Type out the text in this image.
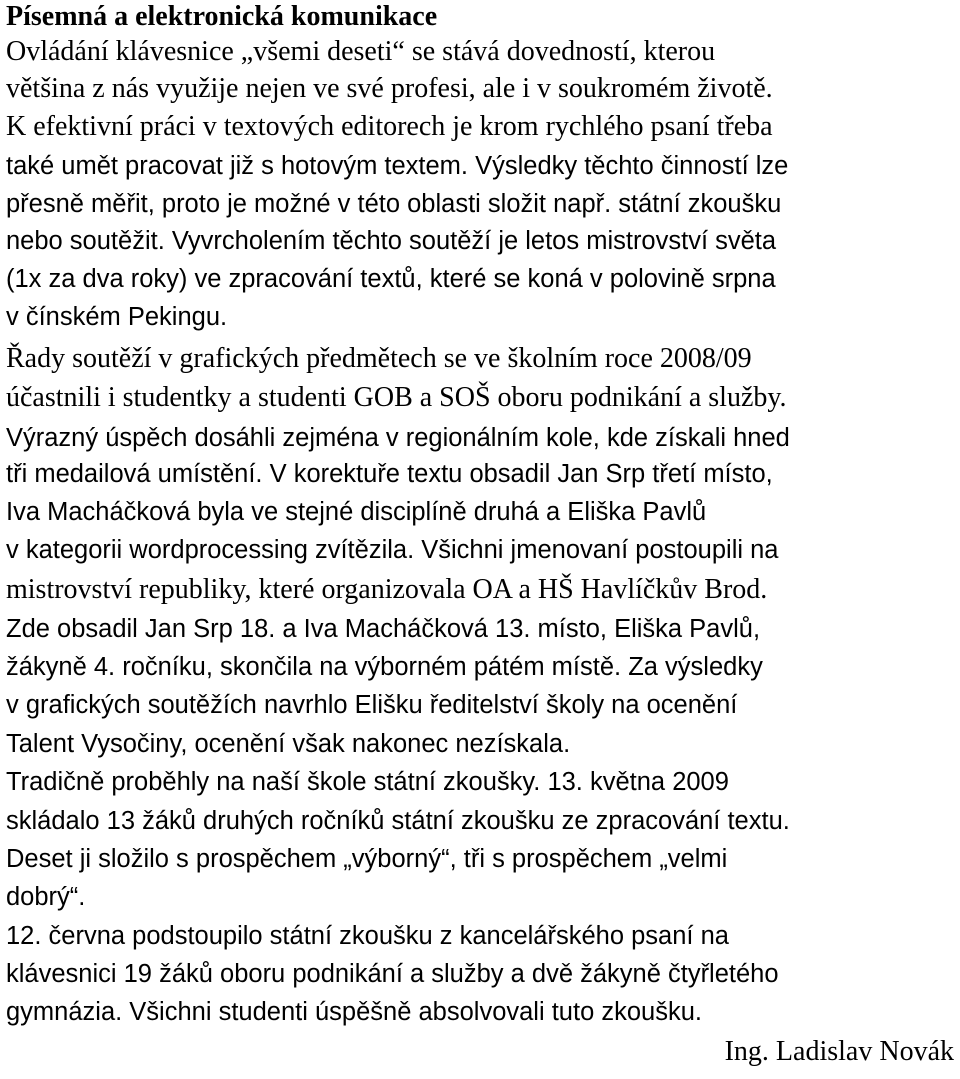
Písemná a elektronická komunikace
Ovládání klávesnice „všemi deseti“ se stává dovedností, kterou
většina z nás využije nejen ve své profesi, ale i v soukromém životě.
K efektivní práci v textových editorech je krom rychlého psaní třeba
také umět pracovat již s hotovým textem. Výsledky těchto činností lze
přesně měřit, proto je možné v této oblasti složit např. státní zkoušku
nebo soutěžit. Vyvrcholením těchto soutěží je letos mistrovství světa
(1x za dva roky) ve zpracování textů, které se koná v polovině srpna
v čínském Pekingu.
Řady soutěží v grafických předmětech se ve školním roce 2008/09
účastnili i studentky a studenti GOB a SOŠ oboru podnikání a služby.
Výrazný úspěch dosáhli zejména v regionálním kole, kde získali hned
tři medailová umístění. V korektuře textu obsadil Jan Srp třetí místo,
Iva Macháčková byla ve stejné disciplíně druhá a Eliška Pavlů
v kategorii wordprocessing zvítězila. Všichni jmenovaní postoupili na
mistrovství republiky, které organizovala OA a HŠ Havlíčkův Brod.
Zde obsadil Jan Srp 18. a Iva Macháčková 13. místo, Eliška Pavlů,
žákyně 4. ročníku, skončila na výborném pátém místě. Za výsledky
v grafických soutěžích navrhlo Elišku ředitelství školy na ocenění
Talent Vysočiny, ocenění však nakonec nezískala.
Tradičně proběhly na naší škole státní zkoušky. 13. května 2009
skládalo 13 žáků druhých ročníků státní zkoušku ze zpracování textu.
Deset ji složilo s prospěchem „výborný“, tři s prospěchem „velmi
dobrý“.
12. června podstoupilo státní zkoušku z kancelářského psaní na
klávesnici 19 žáků oboru podnikání a služby a dvě žákyně čtyřletého
gymnázia. Všichni studenti úspěšně absolvovali tuto zkoušku.
Ing. Ladislav Novák
